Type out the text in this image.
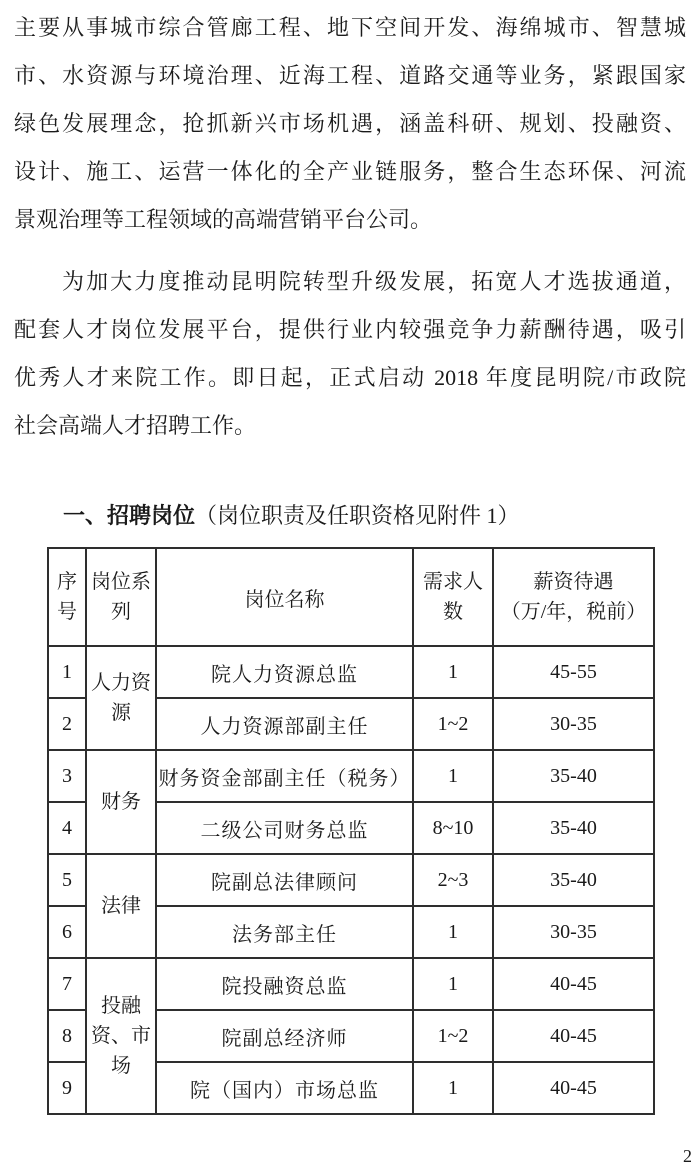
主要从事城市综合管廊工程、地下空间开发、海绵城市、智慧城
市、水资源与环境治理、近海工程、道路交通等业务，紧跟国家
绿色发展理念，抢抓新兴市场机遇，涵盖科研、规划、投融资、
设计、施工、运营一体化的全产业链服务，整合生态环保、河流
景观治理等工程领域的高端营销平台公司。
为加大力度推动昆明院转型升级发展，拓宽人才选拔通道，
配套人才岗位发展平台，提供行业内较强竞争力薪酬待遇，吸引
优秀人才来院工作。即日起，正式启动 2018 年度昆明院/市政院
社会高端人才招聘工作。
一、招聘岗位（岗位职责及任职资格见附件 1）
序号	岗位系列	岗位名称	需求人数	薪资待遇
（万/年，税前）

1	人力资源	院人力资源总监	1	45-55
2		人力资源部副主任	1~2	30-35
3	财务	财务资金部副主任（税务）	1	35-40
4		二级公司财务总监	8~10	35-40
5	法律	院副总法律顾问	2~3	35-40
6		法务部主任	1	30-35
7	投融资、市场	院投融资总监	1	40-45
8		院副总经济师	1~2	40-45
9		院（国内）市场总监	1	40-45
2
